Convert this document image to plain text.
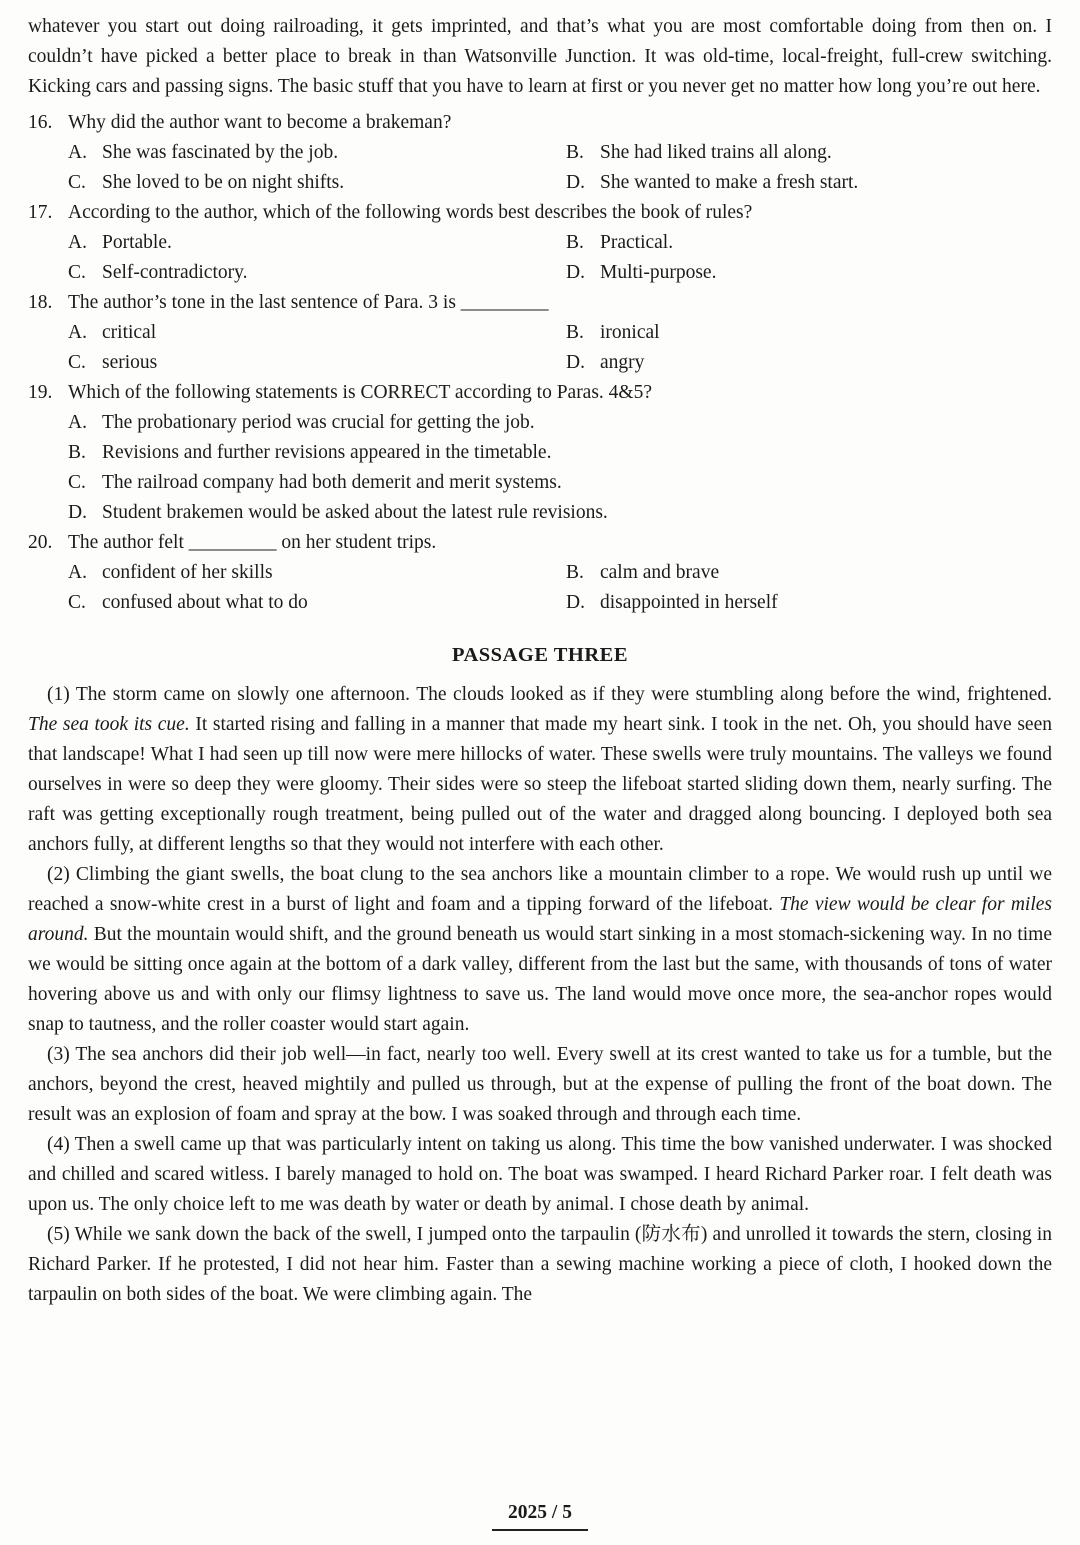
whatever you start out doing railroading, it gets imprinted, and that’s what you are most comfortable doing from then on. I couldn’t have picked a better place to break in than Watsonville Junction. It was old-time, local-freight, full-crew switching. Kicking cars and passing signs. The basic stuff that you have to learn at first or you never get no matter how long you’re out here.

16. Why did the author want to become a brakeman?
A. She was fascinated by the job.	B. She had liked trains all along.
C. She loved to be on night shifts.	D. She wanted to make a fresh start.
17. According to the author, which of the following words best describes the book of rules?
A. Portable.	B. Practical.
C. Self-contradictory.	D. Multi-purpose.
18. The author’s tone in the last sentence of Para. 3 is _________
A. critical	B. ironical
C. serious	D. angry
19. Which of the following statements is CORRECT according to Paras. 4&5?
A. The probationary period was crucial for getting the job.
B. Revisions and further revisions appeared in the timetable.
C. The railroad company had both demerit and merit systems.
D. Student brakemen would be asked about the latest rule revisions.
20. The author felt _________ on her student trips.
A. confident of her skills	B. calm and brave
C. confused about what to do	D. disappointed in herself
PASSAGE THREE

(1) The storm came on slowly one afternoon. The clouds looked as if they were stumbling along before the wind, frightened. The sea took its cue. It started rising and falling in a manner that made my heart sink. I took in the net. Oh, you should have seen that landscape! What I had seen up till now were mere hillocks of water. These swells were truly mountains. The valleys we found ourselves in were so deep they were gloomy. Their sides were so steep the lifeboat started sliding down them, nearly surfing. The raft was getting exceptionally rough treatment, being pulled out of the water and dragged along bouncing. I deployed both sea anchors fully, at different lengths so that they would not interfere with each other.

(2) Climbing the giant swells, the boat clung to the sea anchors like a mountain climber to a rope. We would rush up until we reached a snow-white crest in a burst of light and foam and a tipping forward of the lifeboat. The view would be clear for miles around. But the mountain would shift, and the ground beneath us would start sinking in a most stomach-sickening way. In no time we would be sitting once again at the bottom of a dark valley, different from the last but the same, with thousands of tons of water hovering above us and with only our flimsy lightness to save us. The land would move once more, the sea-anchor ropes would snap to tautness, and the roller coaster would start again.

(3) The sea anchors did their job well—in fact, nearly too well. Every swell at its crest wanted to take us for a tumble, but the anchors, beyond the crest, heaved mightily and pulled us through, but at the expense of pulling the front of the boat down. The result was an explosion of foam and spray at the bow. I was soaked through and through each time.

(4) Then a swell came up that was particularly intent on taking us along. This time the bow vanished underwater. I was shocked and chilled and scared witless. I barely managed to hold on. The boat was swamped. I heard Richard Parker roar. I felt death was upon us. The only choice left to me was death by water or death by animal. I chose death by animal.

(5) While we sank down the back of the swell, I jumped onto the tarpaulin (防水布) and unrolled it towards the stern, closing in Richard Parker. If he protested, I did not hear him. Faster than a sewing machine working a piece of cloth, I hooked down the tarpaulin on both sides of the boat. We were climbing again. The

2025 / 5
